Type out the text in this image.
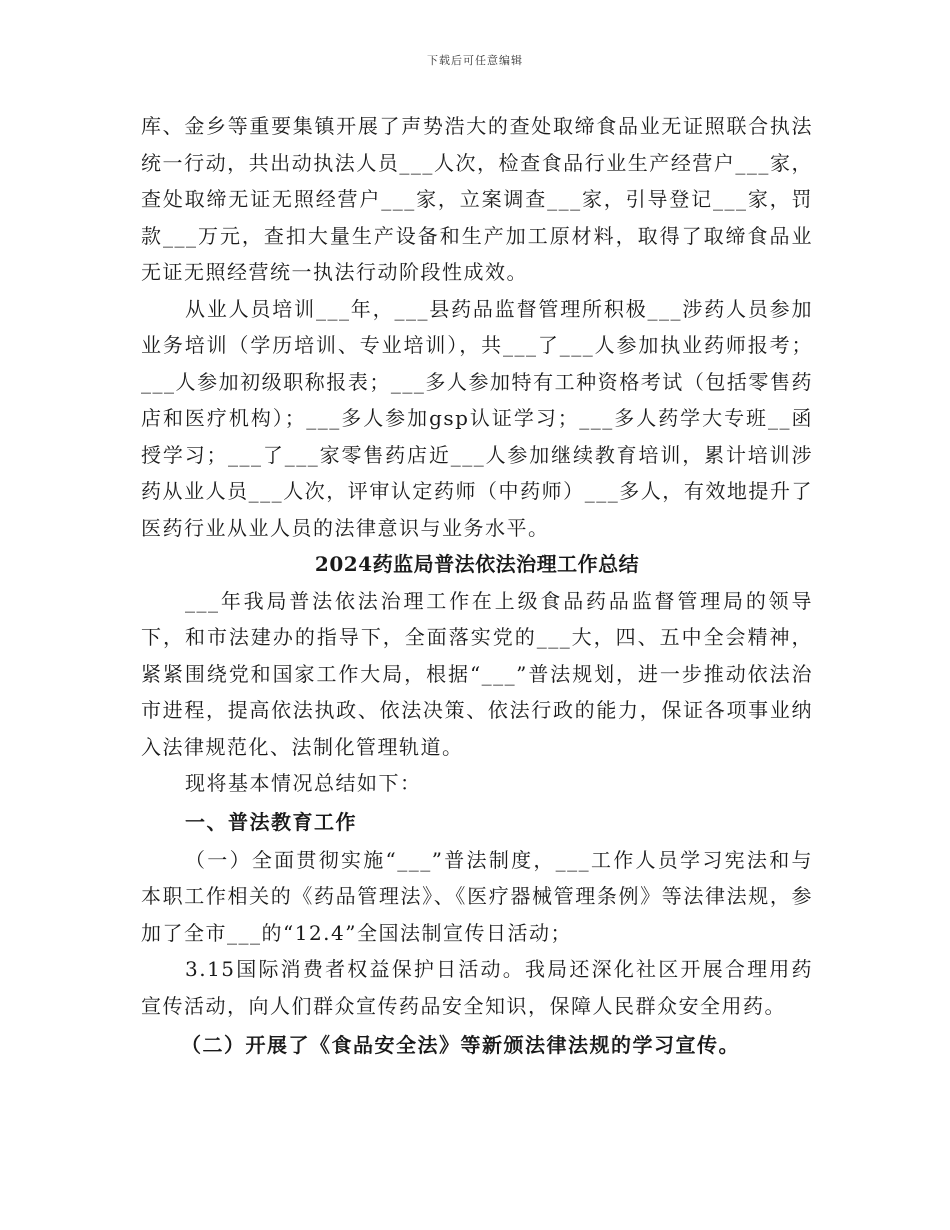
下载后可任意编辑

库、金乡等重要集镇开展了声势浩大的查处取缔食品业无证照联合执法统一行动，共出动执法人员___人次，检查食品行业生产经营户___家，查处取缔无证无照经营户___家，立案调查___家，引导登记___家，罚款___万元，查扣大量生产设备和生产加工原材料，取得了取缔食品业无证无照经营统一执法行动阶段性成效。

从业人员培训___年，___县药品监督管理所积极___涉药人员参加业务培训（学历培训、专业培训），共___了___人参加执业药师报考；___人参加初级职称报表；___多人参加特有工种资格考试（包括零售药店和医疗机构）；___多人参加gsp认证学习；___多人药学大专班__函授学习；___了___家零售药店近___人参加继续教育培训，累计培训涉药从业人员___人次，评审认定药师（中药师）___多人，有效地提升了医药行业从业人员的法律意识与业务水平。

2024药监局普法依法治理工作总结

___年我局普法依法治理工作在上级食品药品监督管理局的领导下，和市法建办的指导下，全面落实党的___大，四、五中全会精神，紧紧围绕党和国家工作大局，根据“___”普法规划，进一步推动依法治市进程，提高依法执政、依法决策、依法行政的能力，保证各项事业纳入法律规范化、法制化管理轨道。

现将基本情况总结如下：

一、普法教育工作

（一）全面贯彻实施“___”普法制度，___工作人员学习宪法和与本职工作相关的《药品管理法》、《医疗器械管理条例》等法律法规，参加了全市___的“12.4”全国法制宣传日活动；

3.15国际消费者权益保护日活动。我局还深化社区开展合理用药宣传活动，向人们群众宣传药品安全知识，保障人民群众安全用药。

（二）开展了《食品安全法》等新颁法律法规的学习宣传。
